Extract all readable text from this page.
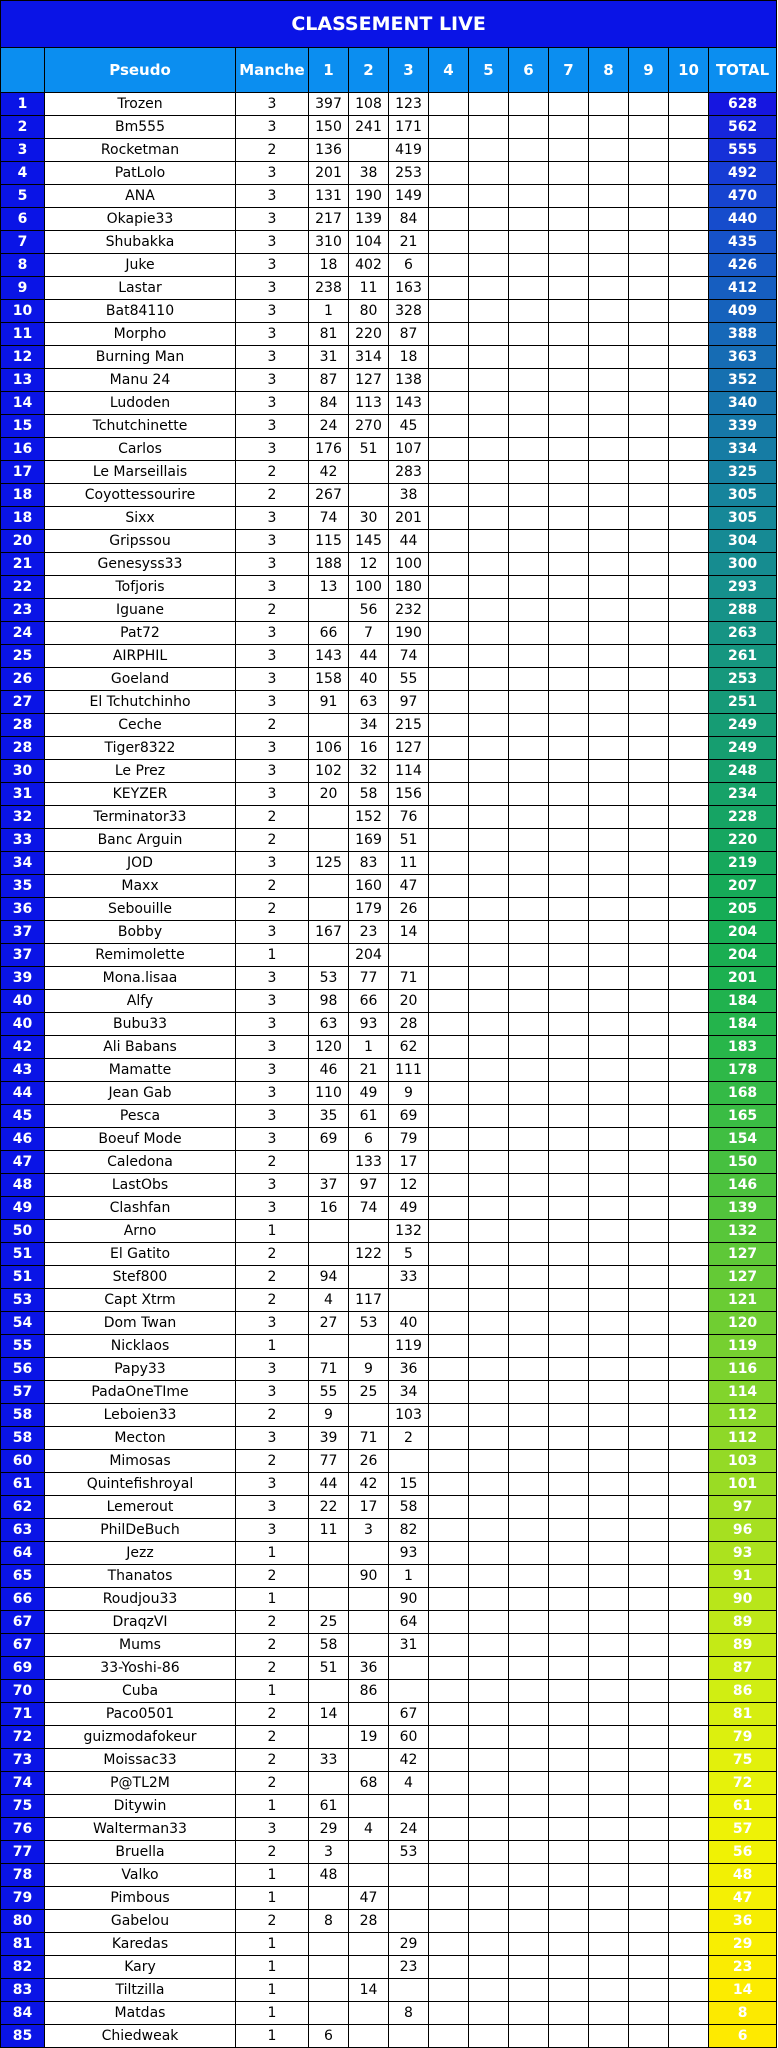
CLASSEMENT LIVE													
	Pseudo	Manche	1	2	3	4	5	6	7	8	9	10	TOTAL
1	Trozen	3	397	108	123								628
2	Bm555	3	150	241	171								562
3	Rocketman	2	136		419								555
4	PatLolo	3	201	38	253								492
5	ANA	3	131	190	149								470
6	Okapie33	3	217	139	84								440
7	Shubakka	3	310	104	21								435
8	Juke	3	18	402	6								426
9	Lastar	3	238	11	163								412
10	Bat84110	3	1	80	328								409
11	Morpho	3	81	220	87								388
12	Burning Man	3	31	314	18								363
13	Manu 24	3	87	127	138								352
14	Ludoden	3	84	113	143								340
15	Tchutchinette	3	24	270	45								339
16	Carlos	3	176	51	107								334
17	Le Marseillais	2	42		283								325
18	Coyottessourire	2	267		38								305
18	Sixx	3	74	30	201								305
20	Gripssou	3	115	145	44								304
21	Genesyss33	3	188	12	100								300
22	Tofjoris	3	13	100	180								293
23	Iguane	2		56	232								288
24	Pat72	3	66	7	190								263
25	AIRPHIL	3	143	44	74								261
26	Goeland	3	158	40	55								253
27	El Tchutchinho	3	91	63	97								251
28	Ceche	2		34	215								249
28	Tiger8322	3	106	16	127								249
30	Le Prez	3	102	32	114								248
31	KEYZER	3	20	58	156								234
32	Terminator33	2		152	76								228
33	Banc Arguin	2		169	51								220
34	JOD	3	125	83	11								219
35	Maxx	2		160	47								207
36	Sebouille	2		179	26								205
37	Bobby	3	167	23	14								204
37	Remimolette	1		204									204
39	Mona.lisaa	3	53	77	71								201
40	Alfy	3	98	66	20								184
40	Bubu33	3	63	93	28								184
42	Ali Babans	3	120	1	62								183
43	Mamatte	3	46	21	111								178
44	Jean Gab	3	110	49	9								168
45	Pesca	3	35	61	69								165
46	Boeuf Mode	3	69	6	79								154
47	Caledona	2		133	17								150
48	LastObs	3	37	97	12								146
49	Clashfan	3	16	74	49								139
50	Arno	1			132								132
51	El Gatito	2		122	5								127
51	Stef800	2	94		33								127
53	Capt Xtrm	2	4	117									121
54	Dom Twan	3	27	53	40								120
55	Nicklaos	1			119								119
56	Papy33	3	71	9	36								116
57	PadaOneTIme	3	55	25	34								114
58	Leboien33	2	9		103								112
58	Mecton	3	39	71	2								112
60	Mimosas	2	77	26									103
61	Quintefishroyal	3	44	42	15								101
62	Lemerout	3	22	17	58								97
63	PhilDeBuch	3	11	3	82								96
64	Jezz	1			93								93
65	Thanatos	2		90	1								91
66	Roudjou33	1			90								90
67	DraqzVI	2	25		64								89
67	Mums	2	58		31								89
69	33-Yoshi-86	2	51	36									87
70	Cuba	1		86									86
71	Paco0501	2	14		67								81
72	guizmodafokeur	2		19	60								79
73	Moissac33	2	33		42								75
74	P@TL2M	2		68	4								72
75	Ditywin	1	61										61
76	Walterman33	3	29	4	24								57
77	Bruella	2	3		53								56
78	Valko	1	48										48
79	Pimbous	1		47									47
80	Gabelou	2	8	28									36
81	Karedas	1			29								29
82	Kary	1			23								23
83	Tiltzilla	1		14									14
84	Matdas	1			8								8
85	Chiedweak	1	6										6
